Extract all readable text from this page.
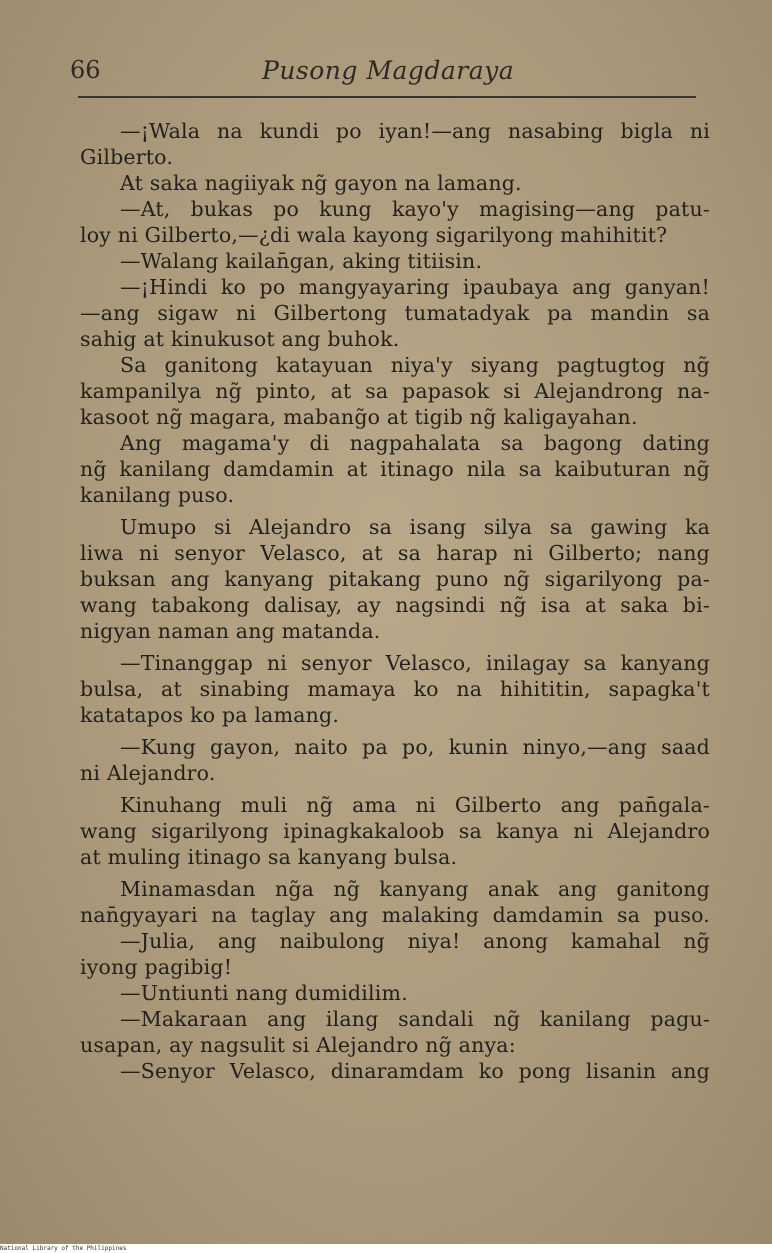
66	Pusong Magdaraya
—¡Wala na kundi po iyan!—ang nasabing bigla ni
Gilberto.
At saka nagiiyak ng̃ gayon na lamang.
—At, bukas po kung kayo'y magising—ang patu-
loy ni Gilberto,—¿di wala kayong sigarilyong mahihitit?
—Walang kailan̄gan, aking titiisin.
—¡Hindi ko po mangyayaring ipaubaya ang ganyan!
—ang sigaw ni Gilbertong tumatadyak pa mandin sa
sahig at kinukusot ang buhok.
Sa ganitong katayuan niya'y siyang pagtugtog ng̃
kampanilya ng̃ pinto, at sa papasok si Alejandrong na-
kasoot ng̃ magara, mabang̃o at tigib ng̃ kaligayahan.
Ang magama'y di nagpahalata sa bagong dating
ng̃ kanilang damdamin at itinago nila sa kaibuturan ng̃
kanilang puso.
Umupo si Alejandro sa isang silya sa gawing ka
liwa ni senyor Velasco, at sa harap ni Gilberto; nang
buksan ang kanyang pitakang puno ng̃ sigarilyong pa-
wang tabakong dalisay, ay nagsindi ng̃ isa at saka bi-
nigyan naman ang matanda.
—Tinanggap ni senyor Velasco, inilagay sa kanyang
bulsa, at sinabing mamaya ko na hihititin, sapagka't
katatapos ko pa lamang.
—Kung gayon, naito pa po, kunin ninyo,—ang saad
ni Alejandro.
Kinuhang muli ng̃ ama ni Gilberto ang pan̄gala-
wang sigarilyong ipinagkakaloob sa kanya ni Alejandro
at muling itinago sa kanyang bulsa.
Minamasdan ng̃a ng̃ kanyang anak ang ganitong
nan̄gyayari na taglay ang malaking damdamin sa puso.
—Julia, ang naibulong niya! anong kamahal ng̃
iyong pagibig!
—Untiunti nang dumidilim.
—Makaraan ang ilang sandali ng̃ kanilang pagu-
usapan, ay nagsulit si Alejandro ng̃ anya:
—Senyor Velasco, dinaramdam ko pong lisanin ang
National Library of the Philippines
